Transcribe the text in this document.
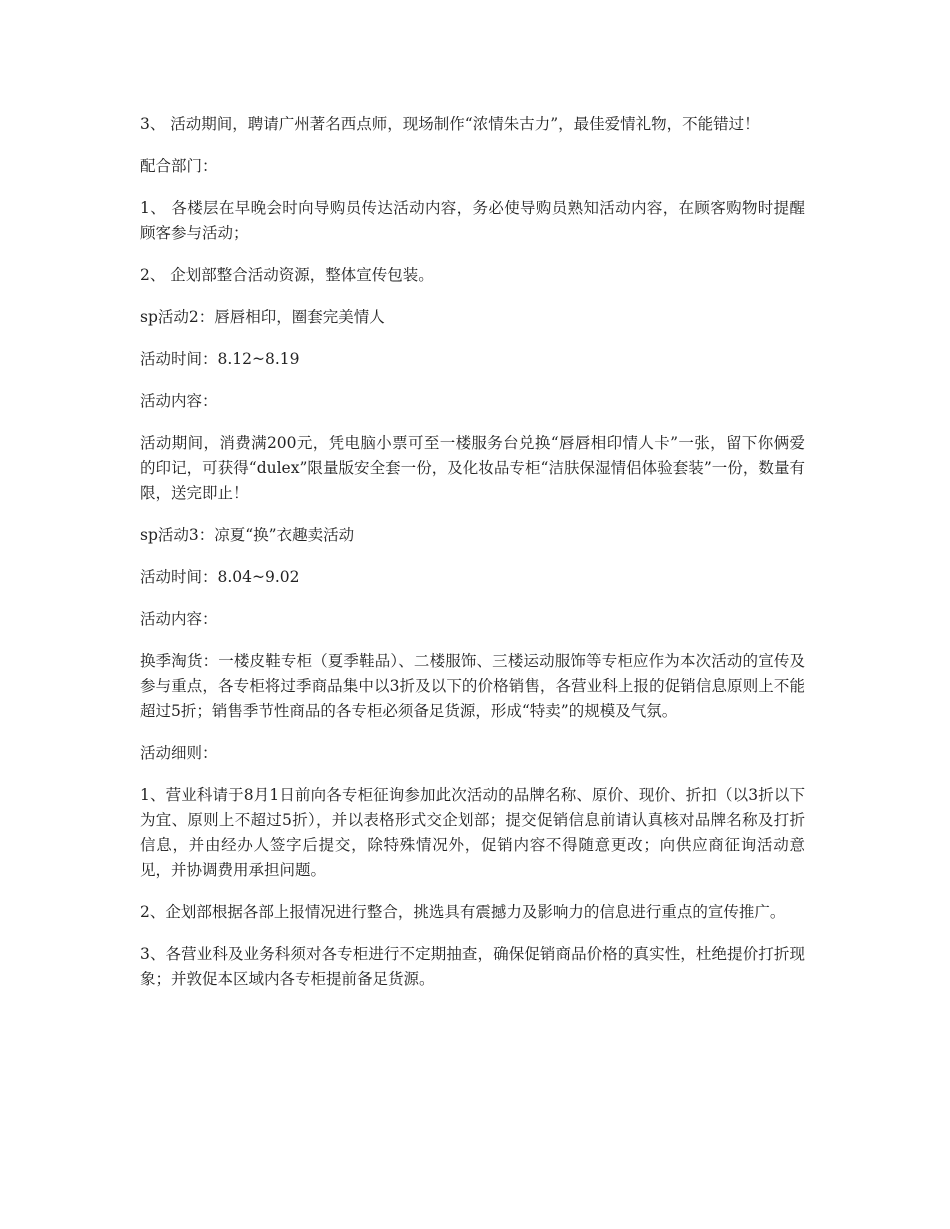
3、 活动期间，聘请广州著名西点师，现场制作“浓情朱古力”，最佳爱情礼物，不能错过！

配合部门：

1、 各楼层在早晚会时向导购员传达活动内容，务必使导购员熟知活动内容，在顾客购物时提醒顾客参与活动；

2、 企划部整合活动资源，整体宣传包装。

sp活动2：唇唇相印，圈套完美情人

活动时间：8.12~8.19

活动内容：

活动期间，消费满200元，凭电脑小票可至一楼服务台兑换“唇唇相印情人卡”一张，留下你俩爱的印记，可获得“dulex”限量版安全套一份，及化妆品专柜“洁肤保湿情侣体验套装”一份，数量有限，送完即止！

sp活动3：凉夏“换”衣趣卖活动

活动时间：8.04~9.02

活动内容：

换季淘货：一楼皮鞋专柜（夏季鞋品）、二楼服饰、三楼运动服饰等专柜应作为本次活动的宣传及参与重点，各专柜将过季商品集中以3折及以下的价格销售，各营业科上报的促销信息原则上不能超过5折；销售季节性商品的各专柜必须备足货源，形成“特卖”的规模及气氛。

活动细则：

1、营业科请于8月1日前向各专柜征询参加此次活动的品牌名称、原价、现价、折扣（以3折以下为宜、原则上不超过5折），并以表格形式交企划部；提交促销信息前请认真核对品牌名称及打折信息，并由经办人签字后提交，除特殊情况外，促销内容不得随意更改；向供应商征询活动意见，并协调费用承担问题。

2、企划部根据各部上报情况进行整合，挑选具有震撼力及影响力的信息进行重点的宣传推广。

3、各营业科及业务科须对各专柜进行不定期抽查，确保促销商品价格的真实性，杜绝提价打折现象；并敦促本区域内各专柜提前备足货源。
